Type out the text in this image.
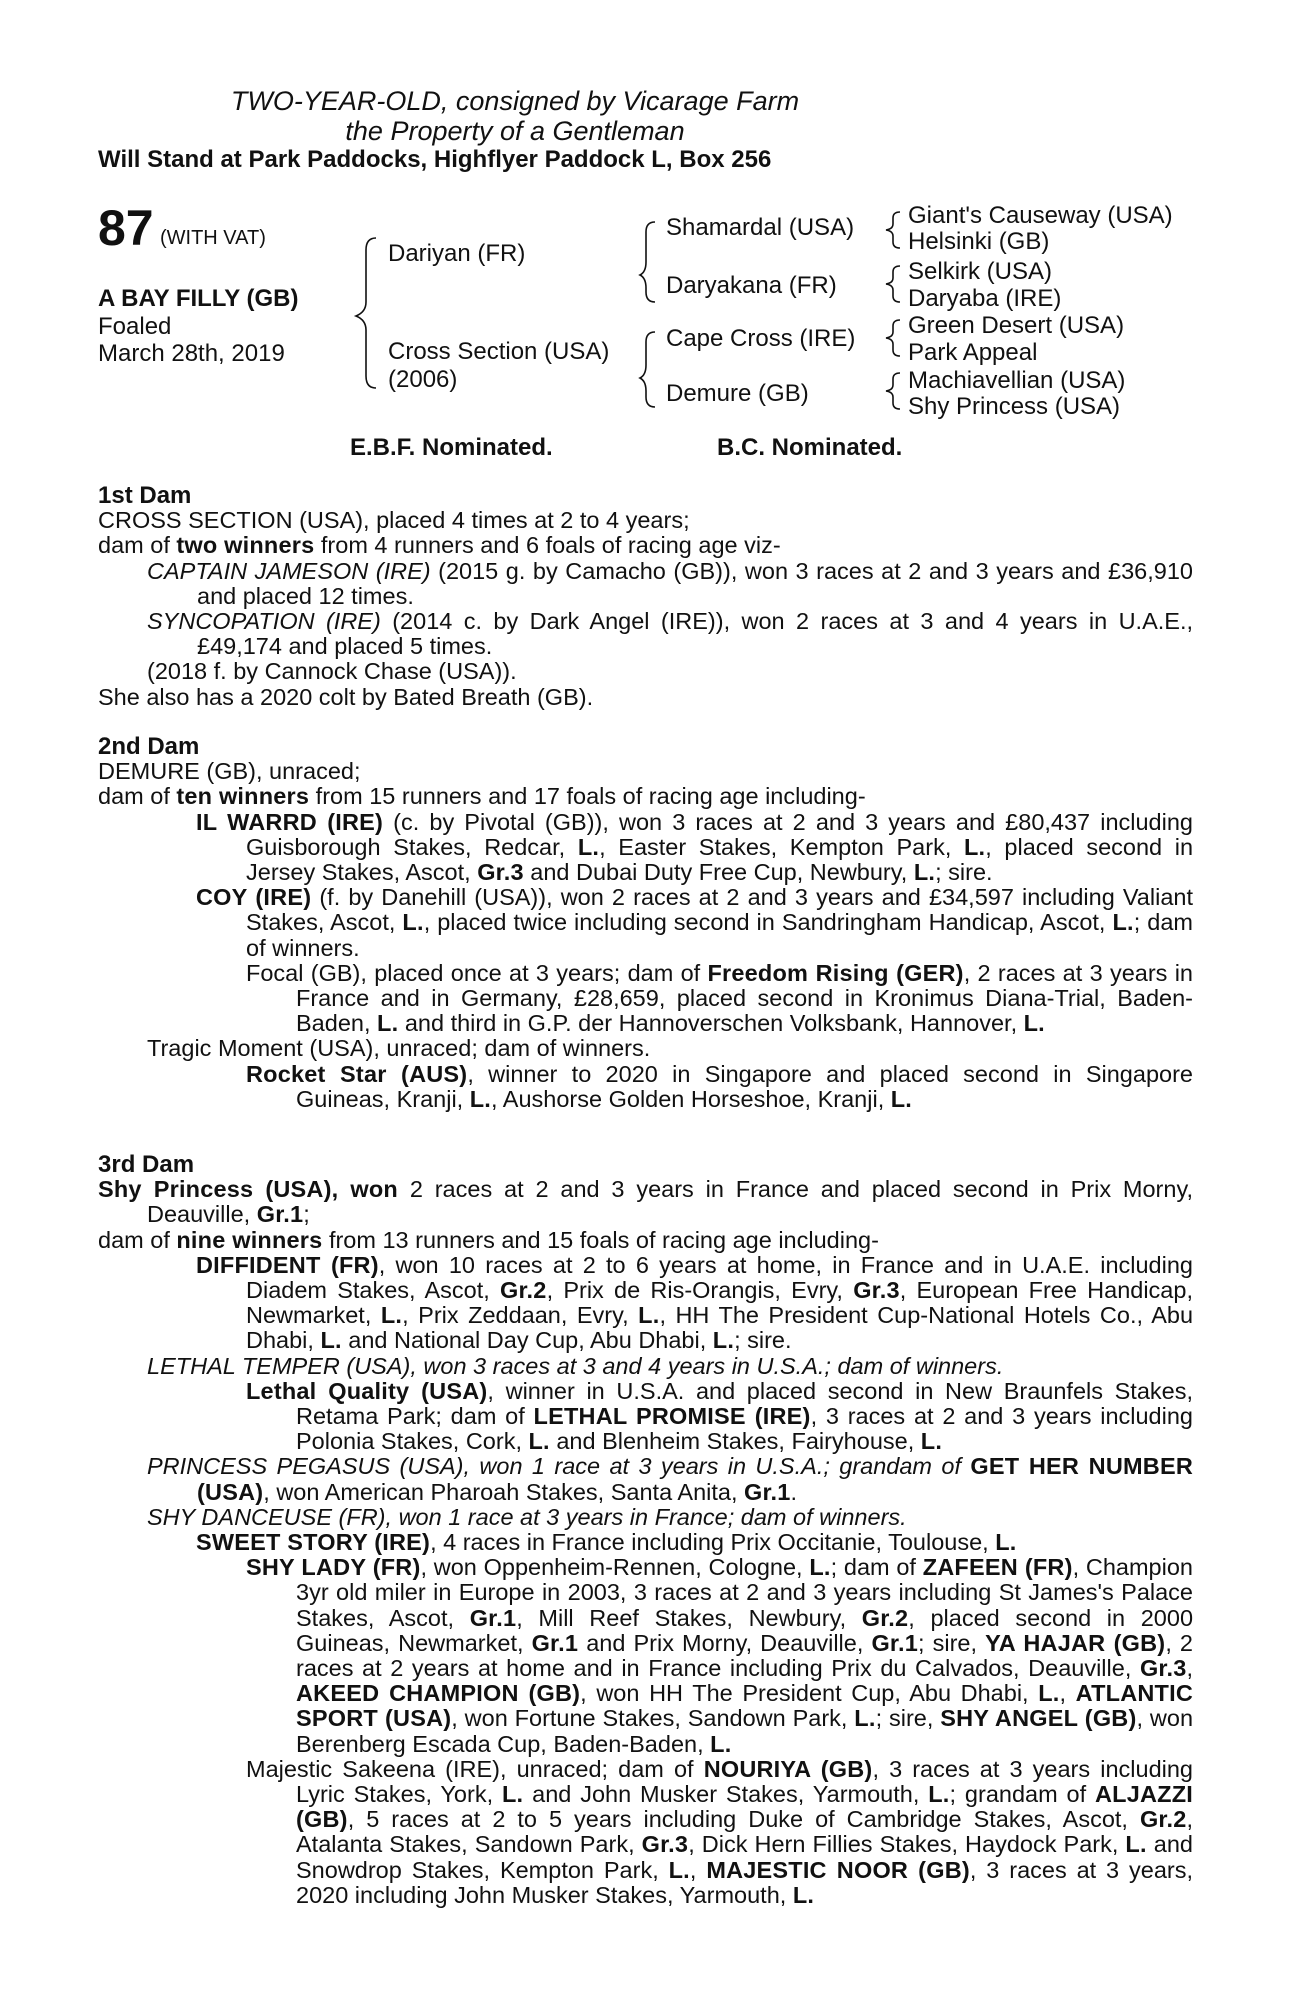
TWO-YEAR-OLD, consigned by Vicarage Farm
the Property of a Gentleman
Will Stand at Park Paddocks, Highflyer Paddock L, Box 256
87 (WITH VAT)
A BAY FILLY (GB)
Foaled
March 28th, 2019
Dariyan (FR)
Cross Section (USA)
(2006)
Shamardal (USA)
Daryakana (FR)
Cape Cross (IRE)
Demure (GB)
Giant's Causeway (USA)
Helsinki (GB)
Selkirk (USA)
Daryaba (IRE)
Green Desert (USA)
Park Appeal
Machiavellian (USA)
Shy Princess (USA)
E.B.F. Nominated.	B.C. Nominated.

1st Dam

CROSS SECTION (USA), placed 4 times at 2 to 4 years;

dam of two winners from 4 runners and 6 foals of racing age viz-

CAPTAIN JAMESON (IRE) (2015 g. by Camacho (GB)), won 3 races at 2 and 3 years and £36,910 and placed 12 times.

SYNCOPATION (IRE) (2014 c. by Dark Angel (IRE)), won 2 races at 3 and 4 years in U.A.E., £49,174 and placed 5 times.

(2018 f. by Cannock Chase (USA)).

She also has a 2020 colt by Bated Breath (GB).

2nd Dam

DEMURE (GB), unraced;

dam of ten winners from 15 runners and 17 foals of racing age including-

IL WARRD (IRE) (c. by Pivotal (GB)), won 3 races at 2 and 3 years and £80,437 including Guisborough Stakes, Redcar, L., Easter Stakes, Kempton Park, L., placed second in Jersey Stakes, Ascot, Gr.3 and Dubai Duty Free Cup, Newbury, L.; sire.

COY (IRE) (f. by Danehill (USA)), won 2 races at 2 and 3 years and £34,597 including Valiant Stakes, Ascot, L., placed twice including second in Sandringham Handicap, Ascot, L.; dam of winners.

Focal (GB), placed once at 3 years; dam of Freedom Rising (GER), 2 races at 3 years in France and in Germany, £28,659, placed second in Kronimus Diana-Trial, Baden-Baden, L. and third in G.P. der Hannoverschen Volksbank, Hannover, L.

Tragic Moment (USA), unraced; dam of winners.

Rocket Star (AUS), winner to 2020 in Singapore and placed second in Singapore Guineas, Kranji, L., Aushorse Golden Horseshoe, Kranji, L.

3rd Dam

Shy Princess (USA), won 2 races at 2 and 3 years in France and placed second in Prix Morny, Deauville, Gr.1;

dam of nine winners from 13 runners and 15 foals of racing age including-

DIFFIDENT (FR), won 10 races at 2 to 6 years at home, in France and in U.A.E. including Diadem Stakes, Ascot, Gr.2, Prix de Ris-Orangis, Evry, Gr.3, European Free Handicap, Newmarket, L., Prix Zeddaan, Evry, L., HH The President Cup-National Hotels Co., Abu Dhabi, L. and National Day Cup, Abu Dhabi, L.; sire.

LETHAL TEMPER (USA), won 3 races at 3 and 4 years in U.S.A.; dam of winners.

Lethal Quality (USA), winner in U.S.A. and placed second in New Braunfels Stakes, Retama Park; dam of LETHAL PROMISE (IRE), 3 races at 2 and 3 years including Polonia Stakes, Cork, L. and Blenheim Stakes, Fairyhouse, L.

PRINCESS PEGASUS (USA), won 1 race at 3 years in U.S.A.; grandam of GET HER NUMBER (USA), won American Pharoah Stakes, Santa Anita, Gr.1.

SHY DANCEUSE (FR), won 1 race at 3 years in France; dam of winners.

SWEET STORY (IRE), 4 races in France including Prix Occitanie, Toulouse, L.

SHY LADY (FR), won Oppenheim-Rennen, Cologne, L.; dam of ZAFEEN (FR), Champion 3yr old miler in Europe in 2003, 3 races at 2 and 3 years including St James's Palace Stakes, Ascot, Gr.1, Mill Reef Stakes, Newbury, Gr.2, placed second in 2000 Guineas, Newmarket, Gr.1 and Prix Morny, Deauville, Gr.1; sire, YA HAJAR (GB), 2 races at 2 years at home and in France including Prix du Calvados, Deauville, Gr.3, AKEED CHAMPION (GB), won HH The President Cup, Abu Dhabi, L., ATLANTIC SPORT (USA), won Fortune Stakes, Sandown Park, L.; sire, SHY ANGEL (GB), won Berenberg Escada Cup, Baden-Baden, L.

Majestic Sakeena (IRE), unraced; dam of NOURIYA (GB), 3 races at 3 years including Lyric Stakes, York, L. and John Musker Stakes, Yarmouth, L.; grandam of ALJAZZI (GB), 5 races at 2 to 5 years including Duke of Cambridge Stakes, Ascot, Gr.2, Atalanta Stakes, Sandown Park, Gr.3, Dick Hern Fillies Stakes, Haydock Park, L. and Snowdrop Stakes, Kempton Park, L., MAJESTIC NOOR (GB), 3 races at 3 years, 2020 including John Musker Stakes, Yarmouth, L.
